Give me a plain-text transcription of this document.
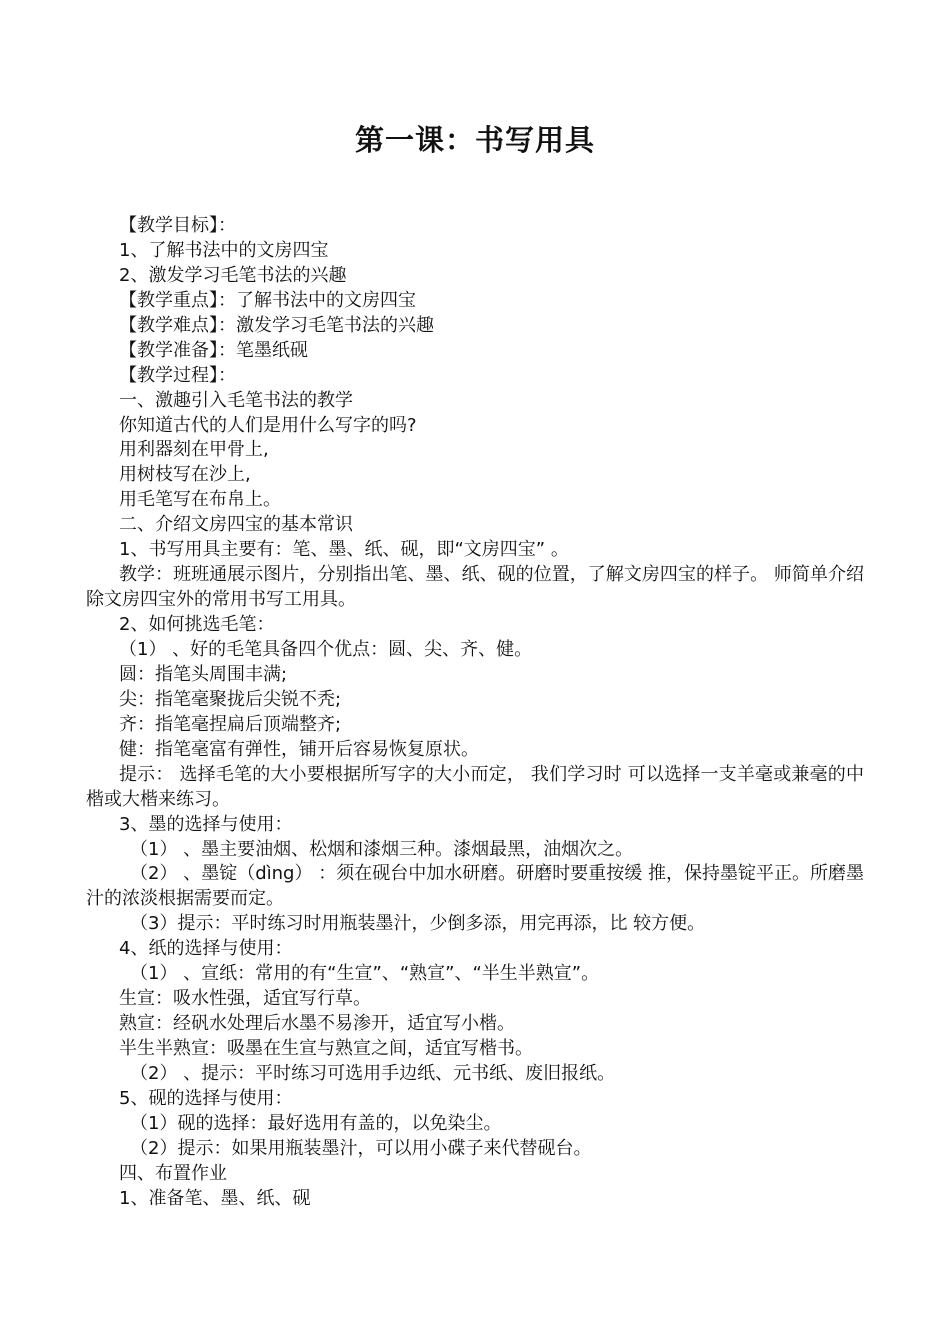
第一课：书写用具
【教学目标】：
1、了解书法中的文房四宝
2、激发学习毛笔书法的兴趣
【教学重点】：了解书法中的文房四宝
【教学难点】：激发学习毛笔书法的兴趣
【教学准备】：笔墨纸砚
【教学过程】：
一、激趣引入毛笔书法的教学
你知道古代的人们是用什么写字的吗?
用利器刻在甲骨上,
用树枝写在沙上,
用毛笔写在布帛上。
二、介绍文房四宝的基本常识
1、书写用具主要有：笔、墨、纸、砚，即“文房四宝” 。
教学：班班通展示图片，分别指出笔、墨、纸、砚的位置，了解文房四宝的样子。 师简单介绍除文房四宝外的常用书写工用具。
2、如何挑选毛笔：
（1） 、好的毛笔具备四个优点：圆、尖、齐、健。
圆：指笔头周围丰满;
尖：指笔毫聚拢后尖锐不秃;
齐：指笔毫捏扁后顶端整齐;
健：指笔毫富有弹性，铺开后容易恢复原状。
提示： 选择毛笔的大小要根据所写字的大小而定， 我们学习时 可以选择一支羊毫或兼毫的中楷或大楷来练习。
3、墨的选择与使用：
（1） 、墨主要油烟、松烟和漆烟三种。漆烟最黑，油烟次之。
（2） 、墨锭（dìng） ：须在砚台中加水研磨。研磨时要重按缓 推，保持墨锭平正。所磨墨汁的浓淡根据需要而定。
（3）提示：平时练习时用瓶装墨汁，少倒多添，用完再添，比 较方便。
4、纸的选择与使用：
（1） 、宣纸：常用的有“生宣”、“熟宣”、“半生半熟宣”。
生宣：吸水性强，适宜写行草。
熟宣：经矾水处理后水墨不易渗开，适宜写小楷。
半生半熟宣：吸墨在生宣与熟宣之间，适宜写楷书。
（2） 、提示：平时练习可选用手边纸、元书纸、废旧报纸。
5、砚的选择与使用：
（1）砚的选择：最好选用有盖的，以免染尘。
（2）提示：如果用瓶装墨汁，可以用小碟子来代替砚台。
四、布置作业
1、准备笔、墨、纸、砚
